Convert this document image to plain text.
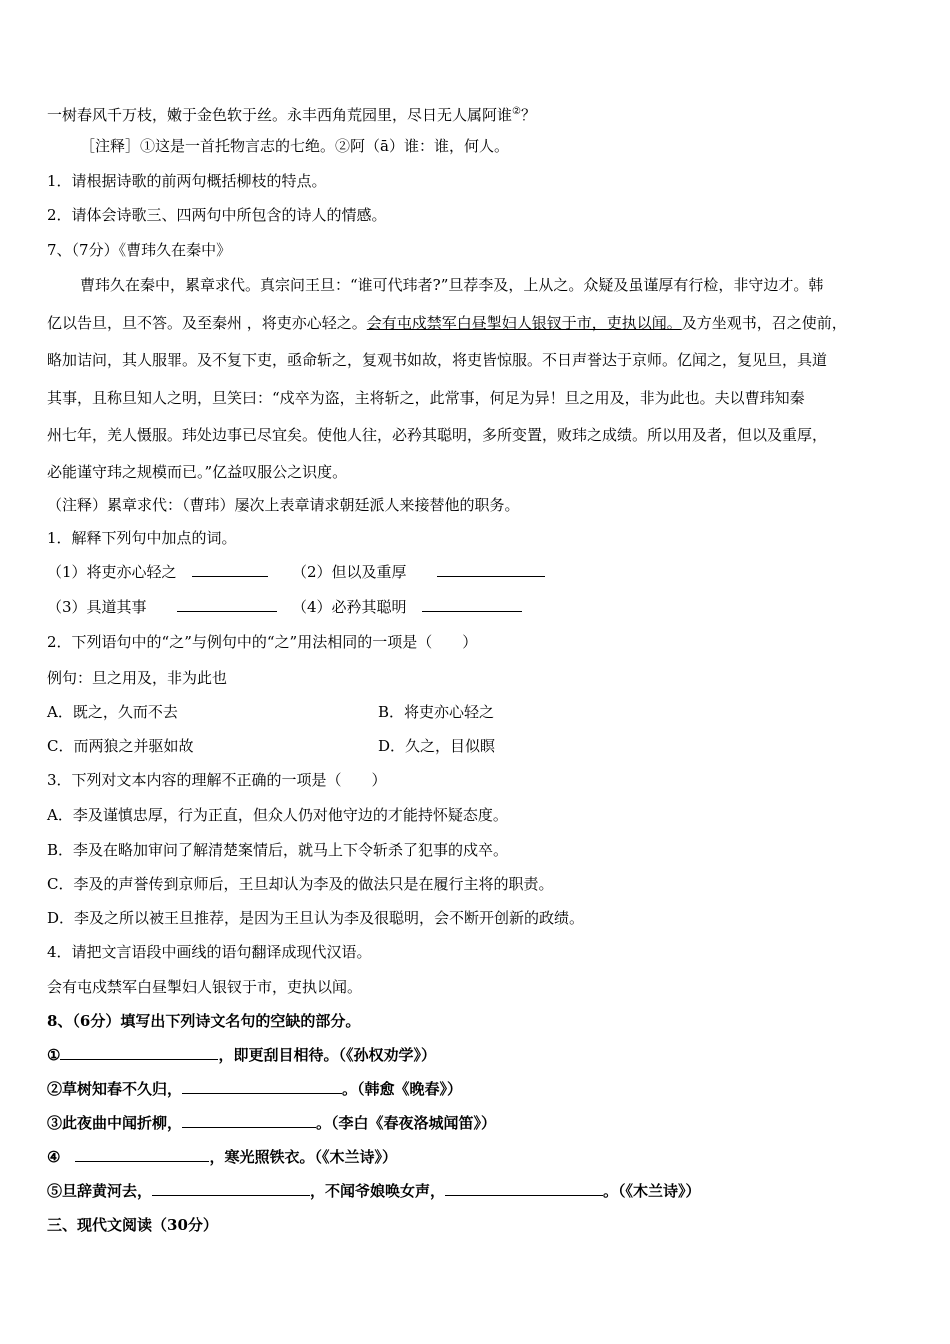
一树春风千万枝，嫩于金色软于丝。永丰西角荒园里，尽日无人属阿谁②？
［注释］①这是一首托物言志的七绝。②阿（ā）谁：谁，何人。
1．请根据诗歌的前两句概括柳枝的特点。
2．请体会诗歌三、四两句中所包含的诗人的情感。
7、（7分）《曹玮久在秦中》
曹玮久在秦中，累章求代。真宗问王旦：“谁可代玮者?”旦荐李及，上从之。众疑及虽谨厚有行检，非守边才。韩
亿以告旦，旦不答。及至秦州 ，将吏亦心轻之。会有屯戍禁军白昼掣妇人银钗于市，吏执以闻。及方坐观书，召之使前，
略加诘问，其人服罪。及不复下吏，亟命斩之，复观书如故，将吏皆惊服。不日声誉达于京师。亿闻之，复见旦，具道
其事，且称旦知人之明，旦笑曰：“戍卒为盗，主将斩之，此常事，何足为异！旦之用及，非为此也。夫以曹玮知秦
州七年，羌人慑服。玮处边事已尽宜矣。使他人往，必矜其聪明，多所变置，败玮之成绩。所以用及者，但以及重厚，
必能谨守玮之规模而已。”亿益叹服公之识度。
（注释）累章求代：（曹玮）屡次上表章请求朝廷派人来接替他的职务。
1．解释下列句中加点的词。
（1）将吏亦心轻之　	（2）但以及重厚　　
（3）具道其事　　	（4）必矜其聪明　
2．下列语句中的“之”与例句中的“之”用法相同的一项是（　　）
例句：旦之用及，非为此也
A．既之，久而不去	B．将吏亦心轻之
C．而两狼之并驱如故	D．久之，目似瞑
3．下列对文本内容的理解不正确的一项是（　　）
A．李及谨慎忠厚，行为正直，但众人仍对他守边的才能持怀疑态度。
B．李及在略加审问了解清楚案情后，就马上下令斩杀了犯事的戍卒。
C．李及的声誉传到京师后，王旦却认为李及的做法只是在履行主将的职责。
D．李及之所以被王旦推荐，是因为王旦认为李及很聪明，会不断开创新的政绩。
4．请把文言语段中画线的语句翻译成现代汉语。
会有屯戍禁军白昼掣妇人银钗于市，吏执以闻。
8、（6分）填写出下列诗文名句的空缺的部分。
①	，即更刮目相待。（《孙权劝学》）
②草树知春不久归，	。（韩愈《晚春》）
③此夜曲中闻折柳，	。（李白《春夜洛城闻笛》）
④　	，寒光照铁衣。（《木兰诗》）
⑤旦辞黄河去，	，不闻爷娘唤女声，	。（《木兰诗》）
三、现代文阅读（30分）
